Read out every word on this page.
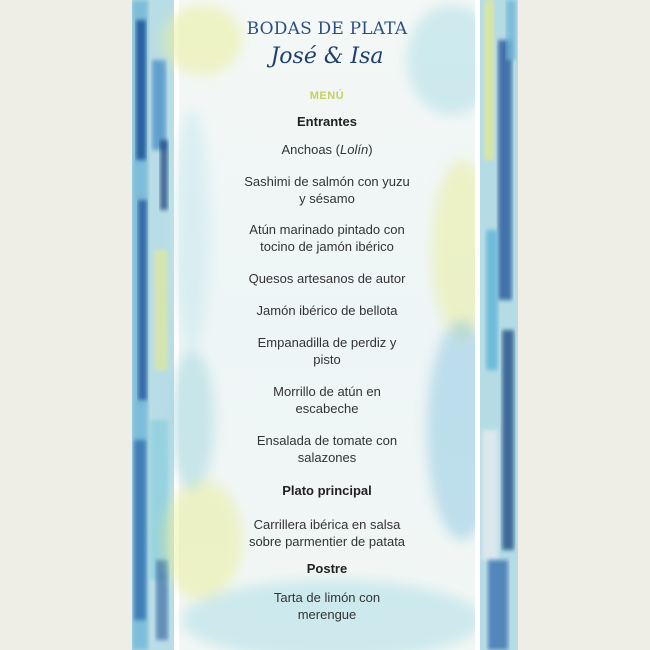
BODAS DE PLATA
José & Isa
MENÚ
Entrantes
Anchoas (Lolín)
Sashimi de salmón con yuzu
y sésamo
Atún marinado pintado con
tocino de jamón ibérico
Quesos artesanos de autor
Jamón ibérico de bellota
Empanadilla de perdiz y
pisto
Morrillo de atún en
escabeche
Ensalada de tomate con
salazones
Plato principal
Carrillera ibérica en salsa
sobre parmentier de patata
Postre
Tarta de limón con
merengue
